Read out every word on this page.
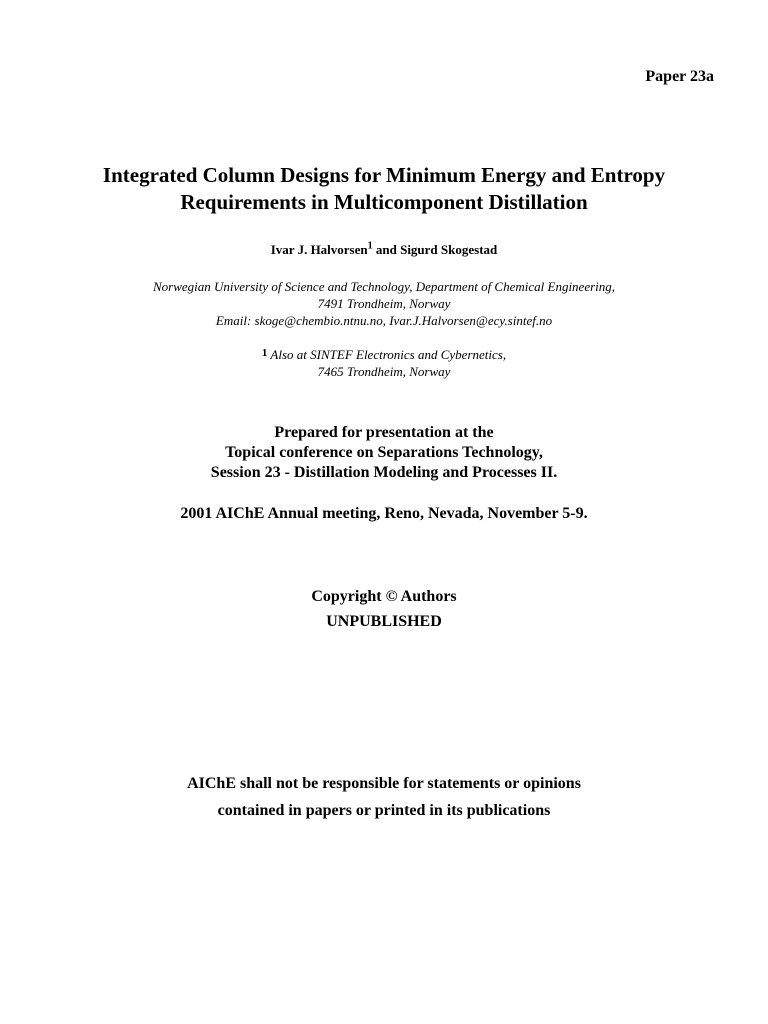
Paper 23a
Integrated Column Designs for Minimum Energy and Entropy
Requirements in Multicomponent Distillation
Ivar J. Halvorsen$^1$ and Sigurd Skogestad
Norwegian University of Science and Technology, Department of Chemical Engineering,
7491 Trondheim, Norway
Email: skoge@chembio.ntnu.no, Ivar.J.Halvorsen@ecy.sintef.no
$^1$ Also at SINTEF Electronics and Cybernetics,
7465 Trondheim, Norway
Prepared for presentation at the
Topical conference on Separations Technology,
Session 23 - Distillation Modeling and Processes II.
2001 AIChE Annual meeting, Reno, Nevada, November 5-9.
Copyright © Authors
UNPUBLISHED
AIChE shall not be responsible for statements or opinions
contained in papers or printed in its publications
